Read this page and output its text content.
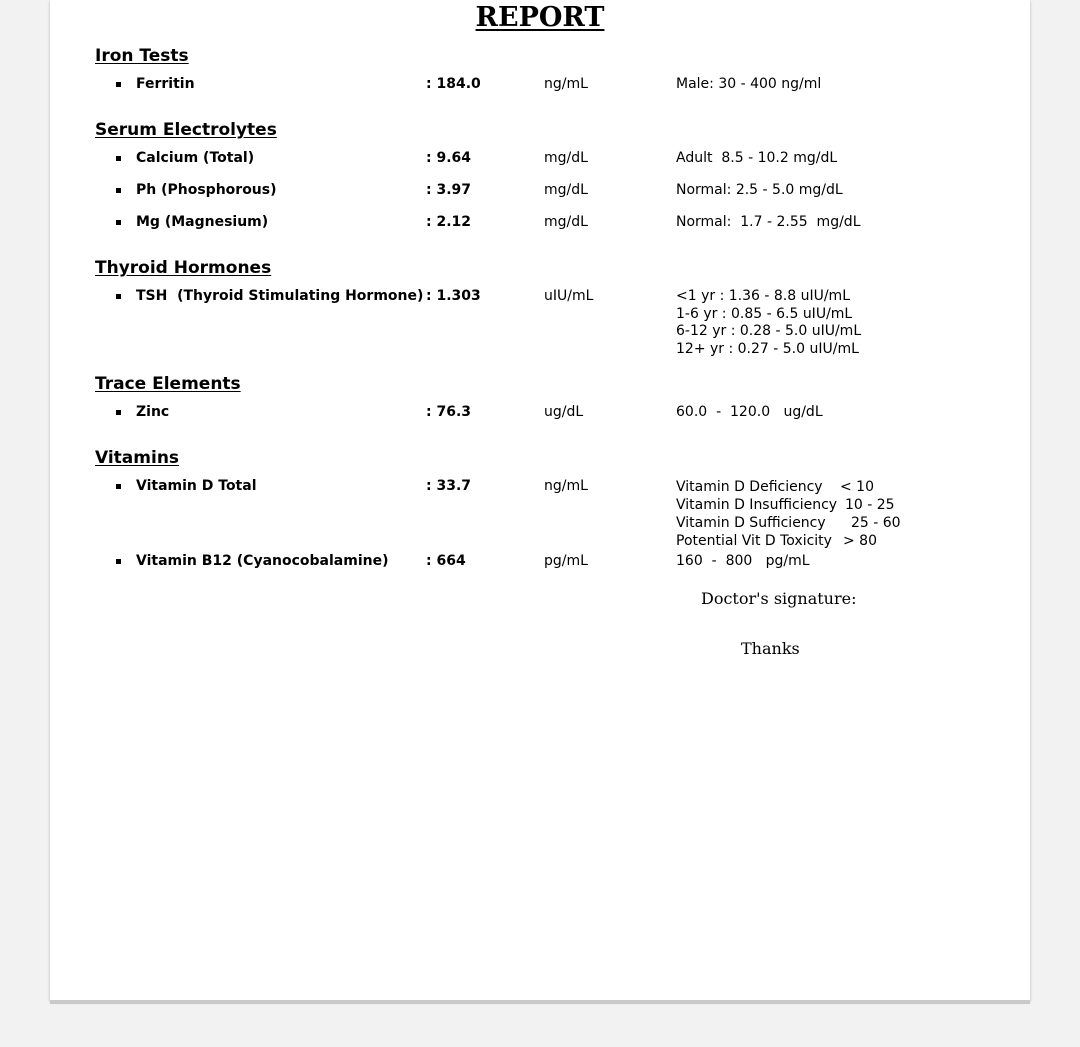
REPORT
Iron Tests
Ferritin	: 184.0	ng/mL	Male: 30 - 400 ng/ml
Serum Electrolytes
Calcium (Total)	: 9.64	mg/dL	Adult  8.5 - 10.2 mg/dL
Ph (Phosphorous)	: 3.97	mg/dL	Normal: 2.5 - 5.0 mg/dL
Mg (Magnesium)	: 2.12	mg/dL	Normal:  1.7 - 2.55  mg/dL
Thyroid Hormones
TSH  (Thyroid Stimulating Hormone) : 1.303	uIU/mL	<1 yr : 1.36 - 8.8 uIU/mL
1-6 yr : 0.85 - 6.5 uIU/mL
6-12 yr : 0.28 - 5.0 uIU/mL
12+ yr : 0.27 - 5.0 uIU/mL
Trace Elements
Zinc	: 76.3	ug/dL	60.0  -  120.0   ug/dL
Vitamins
Vitamin D Total	: 33.7	ng/mL	Vitamin D Deficiency < 10
Vitamin D Insufficiency 10 - 25
Vitamin D Sufficiency 25 - 60
Potential Vit D Toxicity > 80
Vitamin B12 (Cyanocobalamine)	: 664	pg/mL	160  -  800   pg/mL
Doctor's signature:
Thanks
